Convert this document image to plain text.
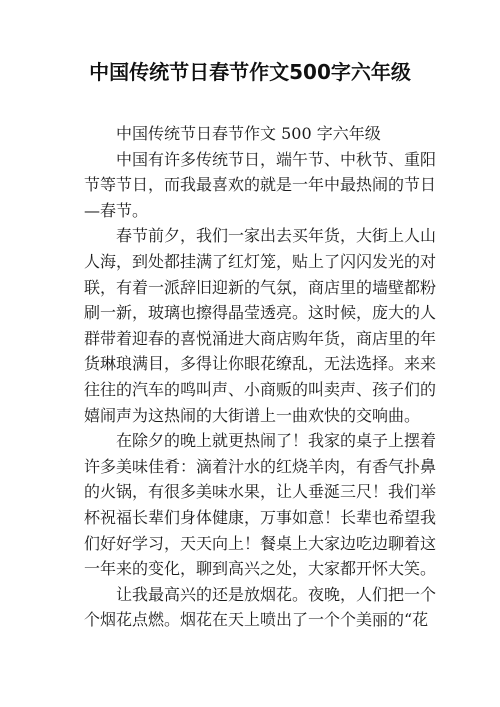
中国传统节日春节作文500字六年级
中国传统节日春节作文 500 字六年级
中国有许多传统节日，端午节、中秋节、重阳
节等节日，而我最喜欢的就是一年中最热闹的节日
—春节。
春节前夕，我们一家出去买年货，大街上人山
人海，到处都挂满了红灯笼，贴上了闪闪发光的对
联，有着一派辞旧迎新的气氛，商店里的墙壁都粉
刷一新，玻璃也擦得晶莹透亮。这时候，庞大的人
群带着迎春的喜悦涌进大商店购年货，商店里的年
货琳琅满目，多得让你眼花缭乱，无法选择。来来
往往的汽车的鸣叫声、小商贩的叫卖声、孩子们的
嬉闹声为这热闹的大街谱上一曲欢快的交响曲。
在除夕的晚上就更热闹了！我家的桌子上摆着
许多美味佳肴：滴着汁水的红烧羊肉，有香气扑鼻
的火锅，有很多美味水果，让人垂涎三尺！我们举
杯祝福长辈们身体健康，万事如意！长辈也希望我
们好好学习，天天向上！餐桌上大家边吃边聊着这
一年来的变化，聊到高兴之处，大家都开怀大笑。
让我最高兴的还是放烟花。夜晚，人们把一个
个烟花点燃。烟花在天上喷出了一个个美丽的“花
